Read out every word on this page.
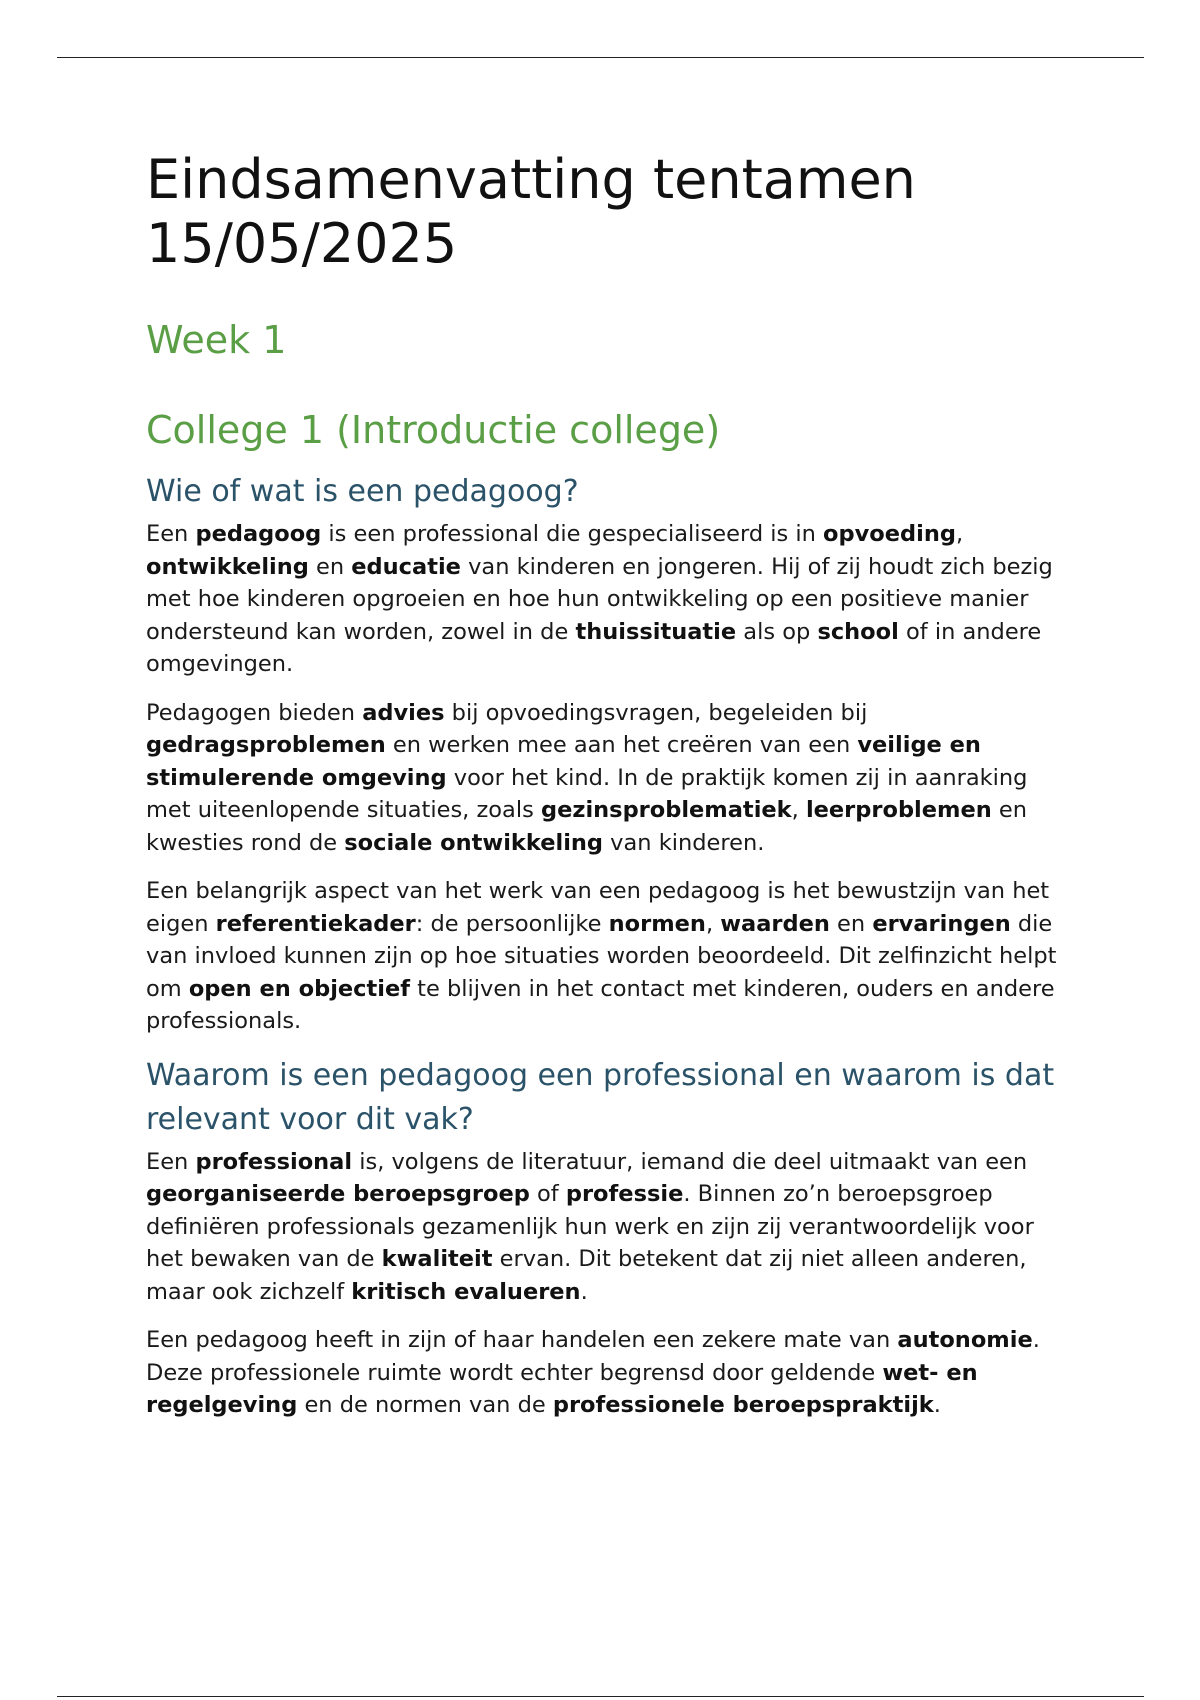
Eindsamenvatting tentamen
15/05/2025
Week 1
College 1 (Introductie college)
Wie of wat is een pedagoog?

Een pedagoog is een professional die gespecialiseerd is in opvoeding, ontwikkeling en educatie van kinderen en jongeren. Hij of zij houdt zich bezig met hoe kinderen opgroeien en hoe hun ontwikkeling op een positieve manier ondersteund kan worden, zowel in de thuissituatie als op school of in andere omgevingen.

Pedagogen bieden advies bij opvoedingsvragen, begeleiden bij gedragsproblemen en werken mee aan het creëren van een veilige en stimulerende omgeving voor het kind. In de praktijk komen zij in aanraking met uiteenlopende situaties, zoals gezinsproblematiek, leerproblemen en kwesties rond de sociale ontwikkeling van kinderen.

Een belangrijk aspect van het werk van een pedagoog is het bewustzijn van het eigen referentiekader: de persoonlijke normen, waarden en ervaringen die van invloed kunnen zijn op hoe situaties worden beoordeeld. Dit zelfinzicht helpt om open en objectief te blijven in het contact met kinderen, ouders en andere professionals.

Waarom is een pedagoog een professional en waarom is dat relevant voor dit vak?

Een professional is, volgens de literatuur, iemand die deel uitmaakt van een georganiseerde beroepsgroep of professie. Binnen zo’n beroepsgroep definiëren professionals gezamenlijk hun werk en zijn zij verantwoordelijk voor het bewaken van de kwaliteit ervan. Dit betekent dat zij niet alleen anderen, maar ook zichzelf kritisch evalueren.

Een pedagoog heeft in zijn of haar handelen een zekere mate van autonomie. Deze professionele ruimte wordt echter begrensd door geldende wet- en regelgeving en de normen van de professionele beroepspraktijk.
